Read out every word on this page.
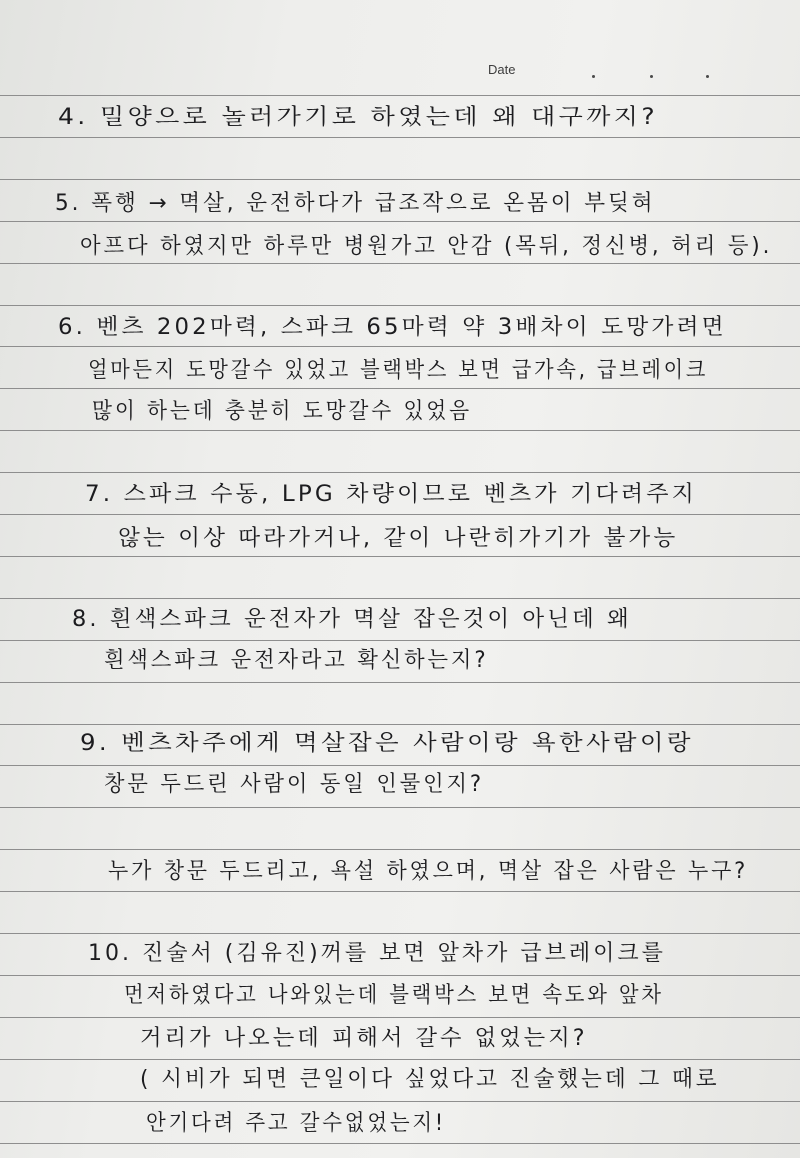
Date
4. 밀양으로 놀러가기로 하였는데 왜 대구까지?
5. 폭행 → 멱살, 운전하다가 급조작으로 온몸이 부딪혀
아프다 하였지만 하루만 병원가고 안감 (목뒤, 정신병, 허리 등).
6. 벤츠 202마력, 스파크 65마력 약 3배차이 도망가려면
얼마든지 도망갈수 있었고 블랙박스 보면 급가속, 급브레이크
많이 하는데 충분히 도망갈수 있었음
7. 스파크 수동, LPG 차량이므로 벤츠가 기다려주지
않는 이상 따라가거나, 같이 나란히가기가 불가능
8. 흰색스파크 운전자가 멱살 잡은것이 아닌데 왜
흰색스파크 운전자라고 확신하는지?
9. 벤츠차주에게 멱살잡은 사람이랑 욕한사람이랑
창문 두드린 사람이 동일 인물인지?
누가 창문 두드리고, 욕설 하였으며, 멱살 잡은 사람은 누구?
10. 진술서 (김유진)꺼를 보면 앞차가 급브레이크를
먼저하였다고 나와있는데 블랙박스 보면 속도와 앞차
거리가 나오는데 피해서 갈수 없었는지?
( 시비가 되면 큰일이다 싶었다고 진술했는데 그 때로
안기다려 주고 갈수없었는지!
